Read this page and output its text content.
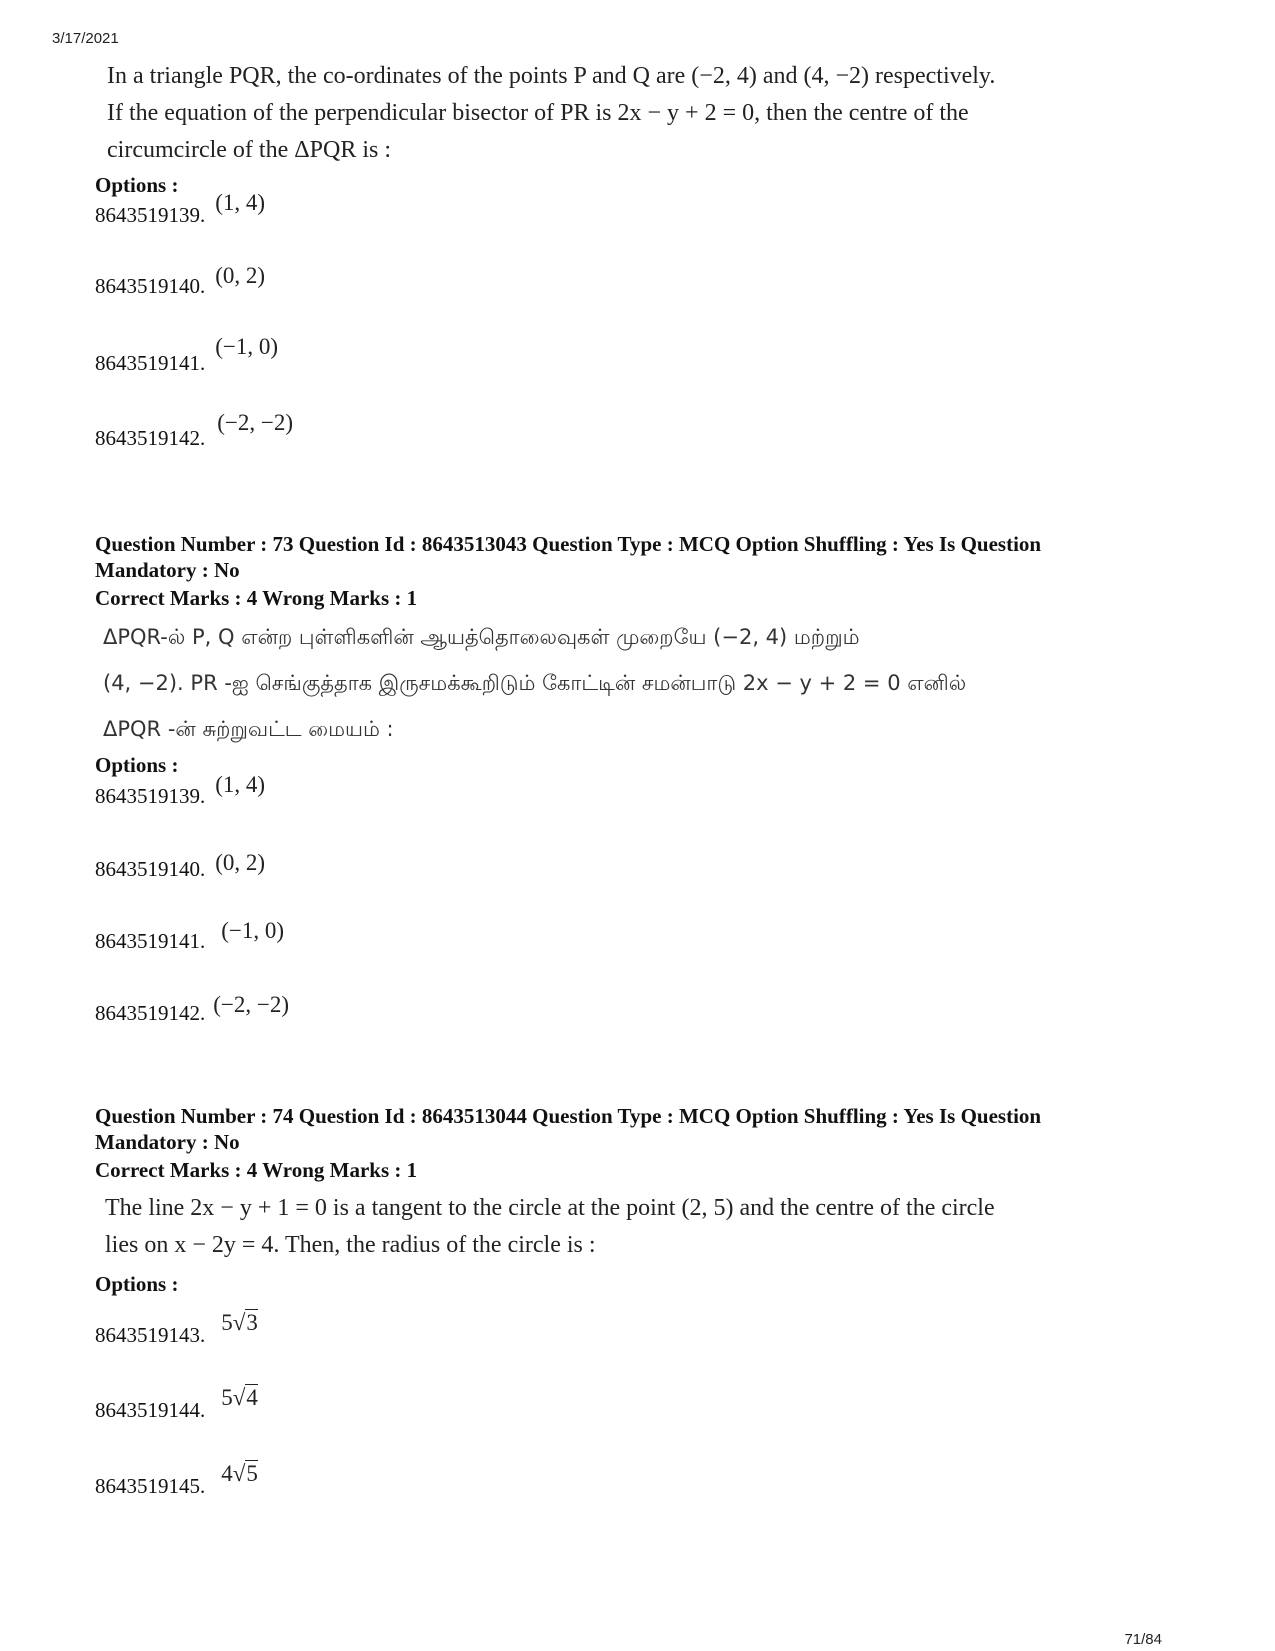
3/17/2021
In a triangle PQR, the co-ordinates of the points P and Q are (−2, 4) and (4, −2) respectively.
If the equation of the perpendicular bisector of PR is 2x − y + 2 = 0, then the centre of the
circumcircle of the ΔPQR is :
Options :
8643519139. (1, 4)
8643519140. (0, 2)
8643519141. (−1, 0)
8643519142. (−2, −2)
Question Number : 73 Question Id : 8643513043 Question Type : MCQ Option Shuffling : Yes Is Question
Mandatory : No
Correct Marks : 4 Wrong Marks : 1
ΔPQR-ல் P, Q என்ற புள்ளிகளின் ஆயத்தொலைவுகள் முறையே (−2, 4) மற்றும்
(4, −2). PR -ஐ செங்குத்தாக இருசமக்கூறிடும் கோட்டின் சமன்பாடு 2x − y + 2 = 0 எனில்
ΔPQR -ன் சுற்றுவட்ட மையம் :
Options :
8643519139. (1, 4)
8643519140. (0, 2)
8643519141. (−1, 0)
8643519142. (−2, −2)
Question Number : 74 Question Id : 8643513044 Question Type : MCQ Option Shuffling : Yes Is Question
Mandatory : No
Correct Marks : 4 Wrong Marks : 1
The line 2x − y + 1 = 0 is a tangent to the circle at the point (2, 5) and the centre of the circle
lies on x − 2y = 4. Then, the radius of the circle is :
Options :
8643519143. 5√3
8643519144. 5√4
8643519145. 4√5
71/84
